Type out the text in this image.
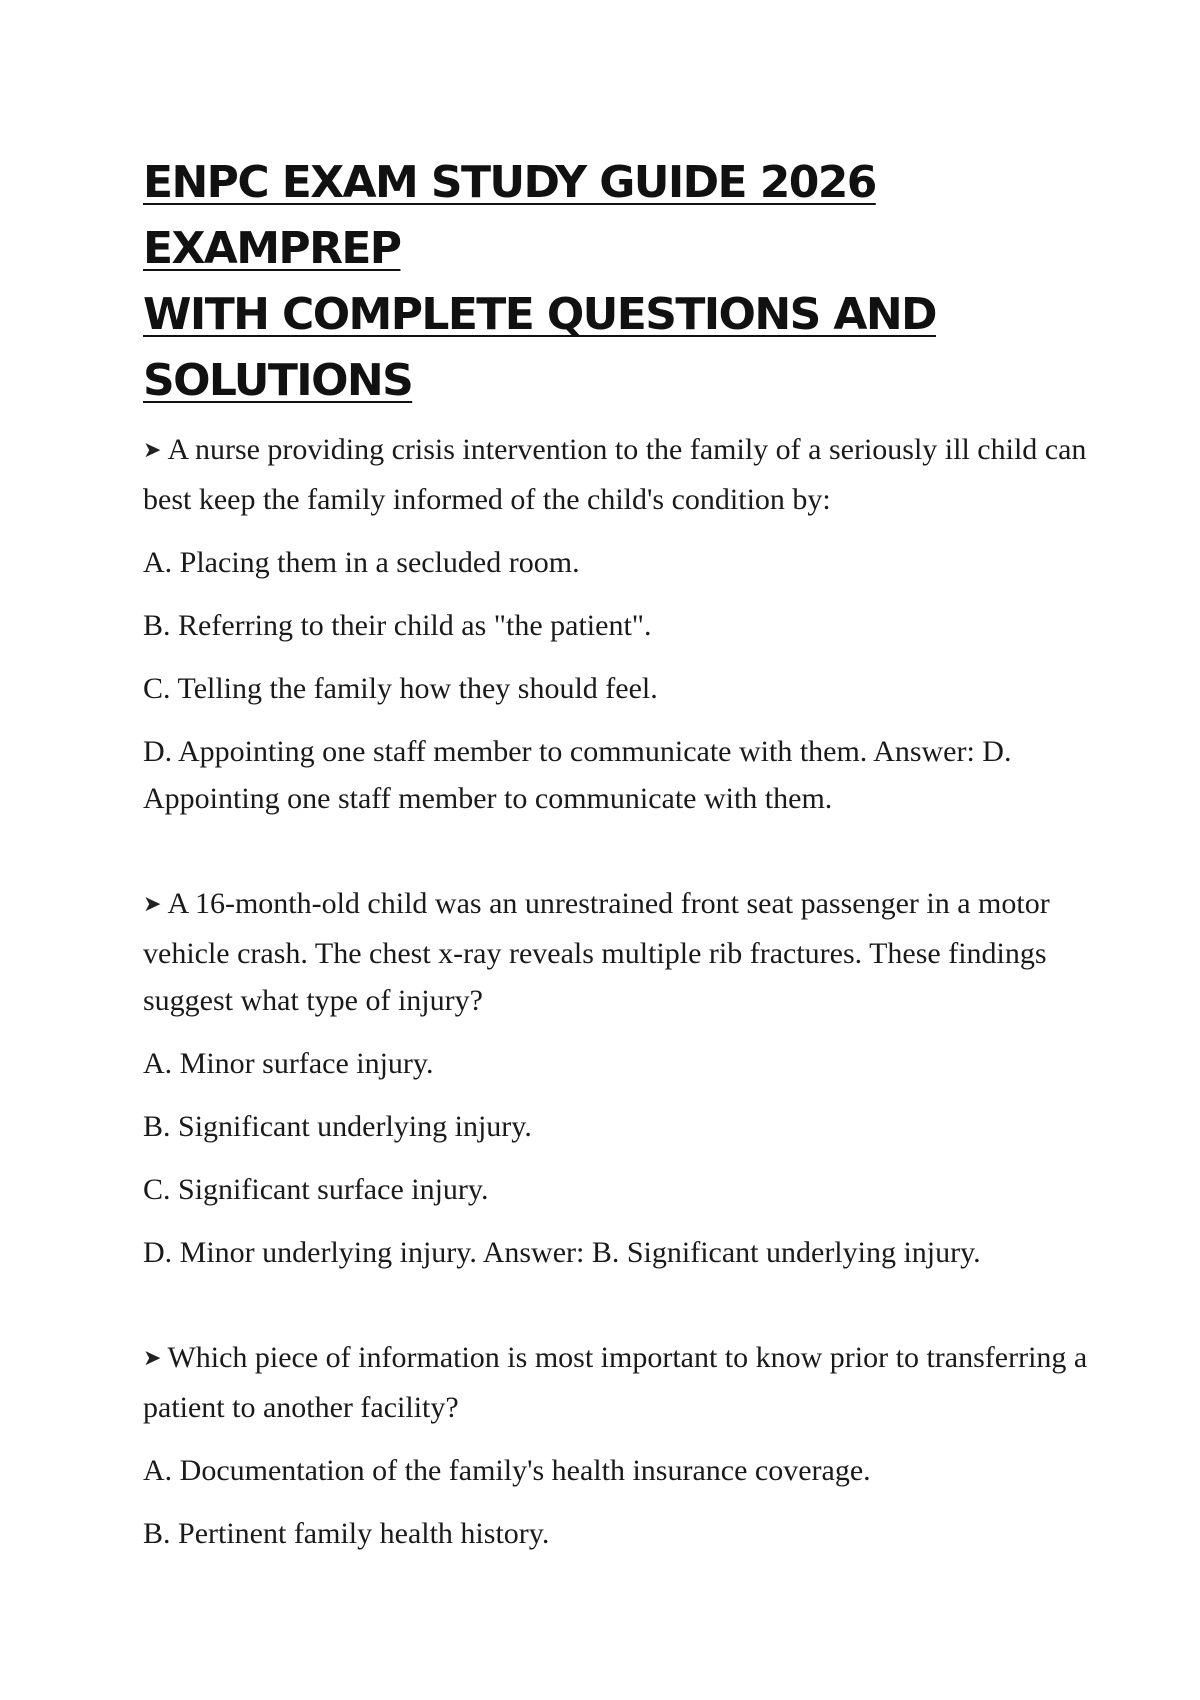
ENPC EXAM STUDY GUIDE 2026 EXAMPREP
WITH COMPLETE QUESTIONS AND
SOLUTIONS

➤ A nurse providing crisis intervention to the family of a seriously ill child can best keep the family informed of the child's condition by:

A. Placing them in a secluded room.

B. Referring to their child as "the patient".

C. Telling the family how they should feel.

D. Appointing one staff member to communicate with them. Answer: D. Appointing one staff member to communicate with them.

➤ A 16-month-old child was an unrestrained front seat passenger in a motor vehicle crash. The chest x-ray reveals multiple rib fractures. These findings suggest what type of injury?

A. Minor surface injury.

B. Significant underlying injury.

C. Significant surface injury.

D. Minor underlying injury. Answer: B. Significant underlying injury.

➤ Which piece of information is most important to know prior to transferring a patient to another facility?

A. Documentation of the family's health insurance coverage.

B. Pertinent family health history.
